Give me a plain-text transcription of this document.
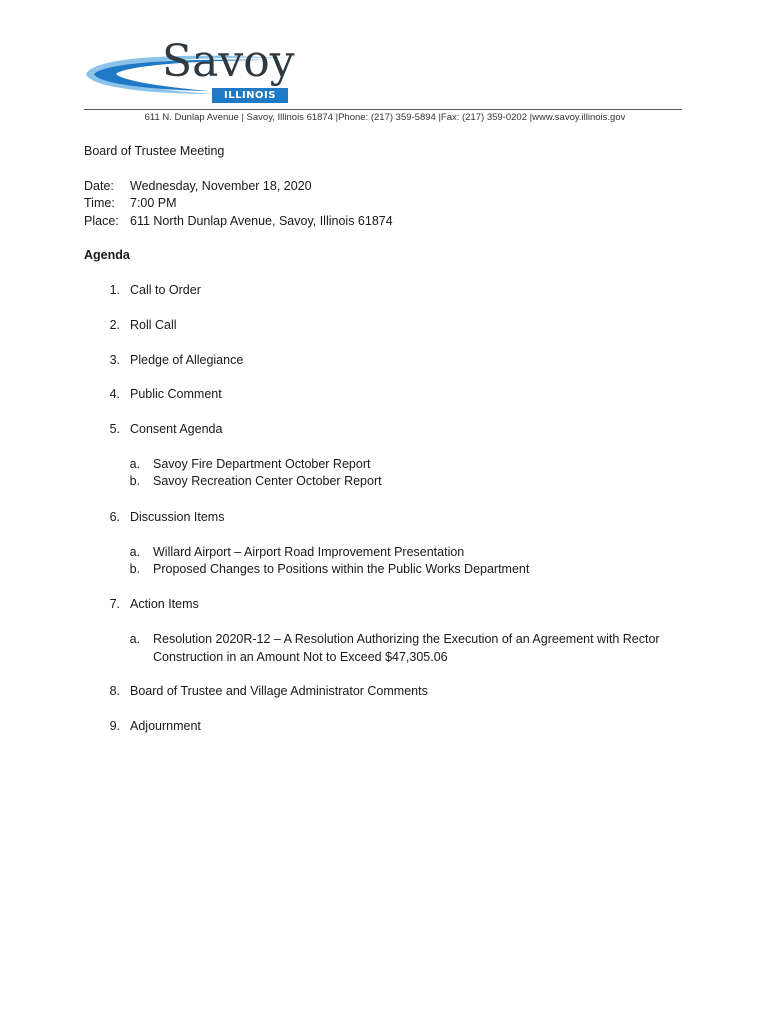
Savoy
ILLINOIS
611 N. Dunlap Avenue | Savoy, Illinois 61874 |Phone: (217) 359-5894 |Fax: (217) 359-0202 |www.savoy.illinois.gov
Board of Trustee Meeting
Date: Wednesday, November 18, 2020
Time: 7:00 PM
Place: 611 North Dunlap Avenue, Savoy, Illinois 61874
Agenda
1. Call to Order
2. Roll Call
3. Pledge of Allegiance
4. Public Comment
5. Consent Agenda
a. Savoy Fire Department October Report
b. Savoy Recreation Center October Report
6. Discussion Items
a. Willard Airport – Airport Road Improvement Presentation
b. Proposed Changes to Positions within the Public Works Department
7. Action Items
a. Resolution 2020R-12 – A Resolution Authorizing the Execution of an Agreement with Rector
Construction in an Amount Not to Exceed $47,305.06
8. Board of Trustee and Village Administrator Comments
9. Adjournment
